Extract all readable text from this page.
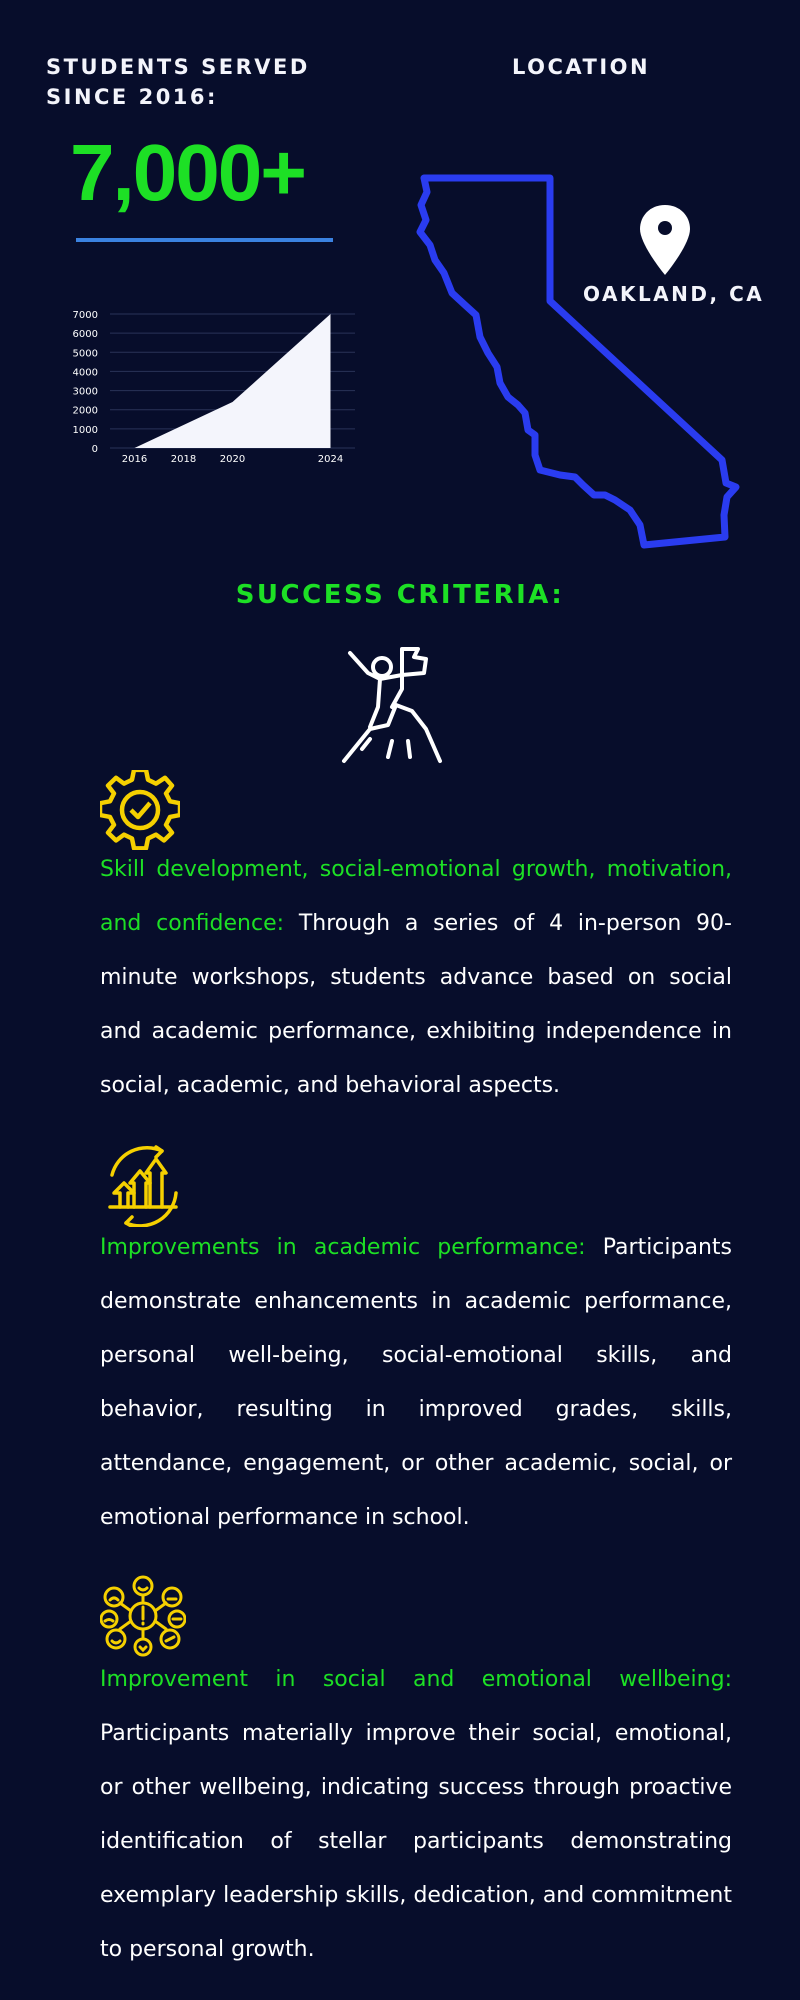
STUDENTS SERVED SINCE 2016:
7,000+
0
1000
2000
3000
4000
5000
6000
7000
2016 2018 2020	2024
LOCATION
OAKLAND, CA
SUCCESS CRITERIA:
Skill development, social-emotional growth, motivation, and confidence: Through a series of 4 in-person 90-minute workshops, students advance based on social and academic performance, exhibiting independence in social, academic, and behavioral aspects.
Improvements in academic performance: Participants demonstrate enhancements in academic performance, personal well-being, social-emotional skills, and behavior, resulting in improved grades, skills, attendance, engagement, or other academic, social, or emotional performance in school.
Improvement in social and emotional wellbeing: Participants materially improve their social, emotional, or other wellbeing, indicating success through proactive identification of stellar participants demonstrating exemplary leadership skills, dedication, and commitment to personal growth.
